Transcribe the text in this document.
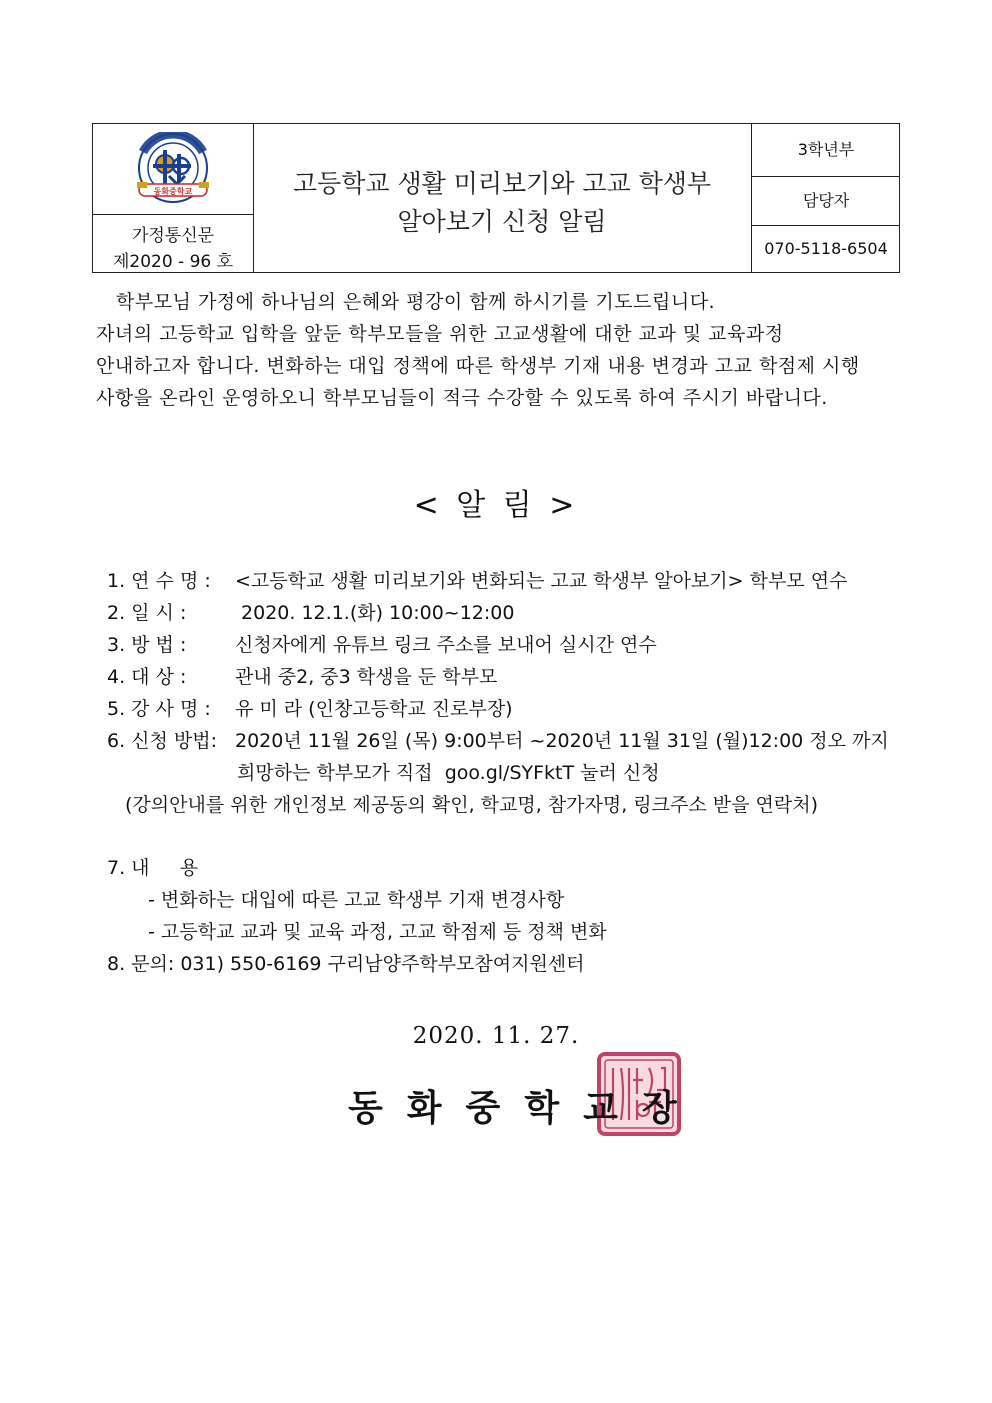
동화중학교
가정통신문
제2020 - 96 호
고등학교 생활 미리보기와 고교 학생부
알아보기 신청 알림
3학년부
담당자
070-5118-6504
학부모님 가정에 하나님의 은혜와 평강이 함께 하시기를 기도드립니다.
자녀의 고등학교 입학을 앞둔 학부모들을 위한 고교생활에 대한 교과 및 교육과정
안내하고자 합니다. 변화하는 대입 정책에 따른 학생부 기재 내용 변경과 고교 학점제 시행
사항을 온라인 운영하오니 학부모님들이 적극 수강할 수 있도록 하여 주시기 바랍니다.
< 알 림 >
1. 연 수 명 : <고등학교 생활 미리보기와 변화되는 고교 학생부 알아보기> 학부모 연수
2. 일 시 :	2020. 12.1.(화) 10:00~12:00
3. 방 법 :	신청자에게 유튜브 링크 주소를 보내어 실시간 연수
4. 대 상 :	관내 중2, 중3 학생을 둔 학부모
5. 강 사 명 : 유 미 라 (인창고등학교 진로부장)
6. 신청 방법: 2020년 11월 26일 (목) 9:00부터 ~2020년 11월 31일 (월)12:00 정오 까지
희망하는 학부모가 직접  goo.gl/SYFktT 눌러 신청
(강의안내를 위한 개인정보 제공동의 확인, 학교명, 참가자명, 링크주소 받을 연락처)
7. 내     용
- 변화하는 대입에 따른 고교 학생부 기재 변경사항
- 고등학교 교과 및 교육 과정, 고교 학점제 등 정책 변화
8. 문의: 031) 550-6169 구리남양주학부모참여지원센터
2020. 11. 27.
동화중학교장
